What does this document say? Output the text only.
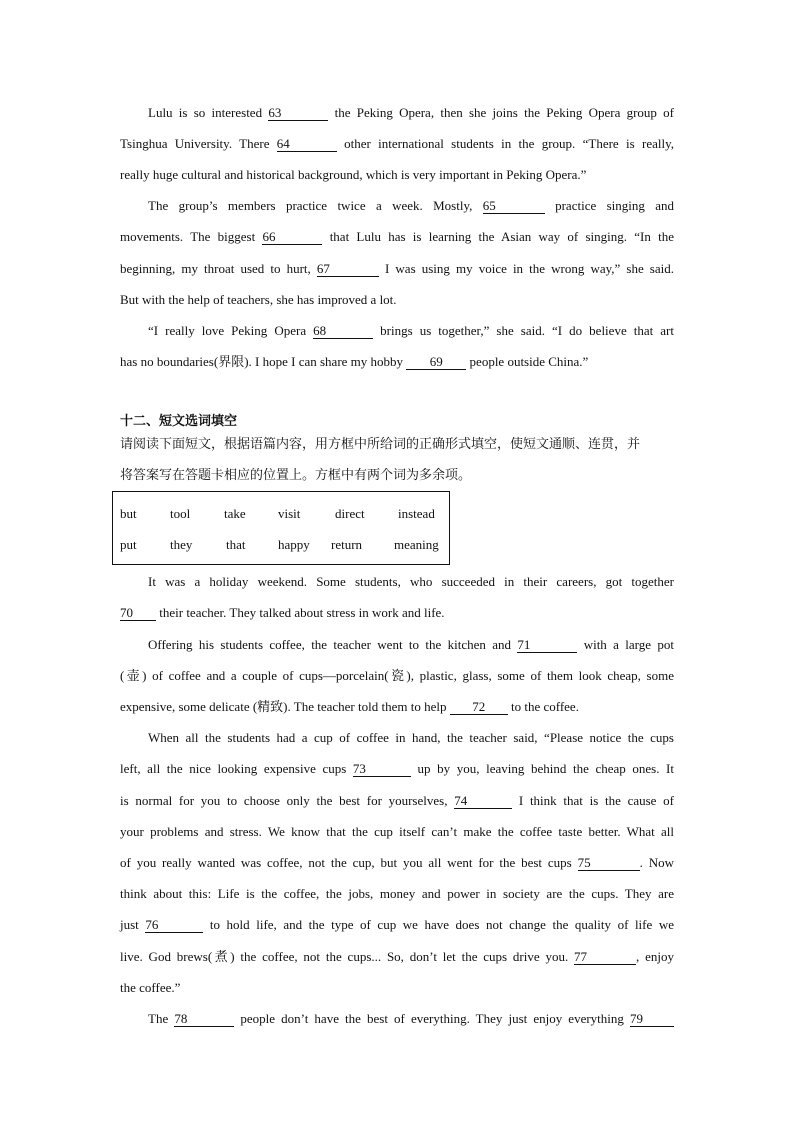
Lulu is so interested 63	the Peking Opera, then she joins the Peking Opera group of
Tsinghua University. There 64	other international students in the group. “There is really,
really huge cultural and historical background, which is very important in Peking Opera.”
The group’s members practice twice a week. Mostly, 65	practice singing and
movements. The biggest 66	that Lulu has is learning the Asian way of singing. “In the
beginning, my throat used to hurt, 67	I was using my voice in the wrong way,” she said.
But with the help of teachers, she has improved a lot.
“I really love Peking Opera 68	brings us together,” she said. “I do believe that art
has no boundaries(界限). I hope I can share my hobby 69 people outside China.”
十二、短文选词填空
请阅读下面短文，根据语篇内容，用方框中所给词的正确形式填空，使短文通顺、连贯，并
将答案写在答题卡相应的位置上。方框中有两个词为多余项。
but	tool	take visit	direct	instead
put	they	that	happy return meaning
It was a holiday weekend. Some students, who succeeded in their careers, got together
70 their teacher. They talked about stress in work and life.
Offering his students coffee, the teacher went to the kitchen and 71	with a large pot
(壶) of coffee and a couple of cups—porcelain(瓷), plastic, glass, some of them look cheap, some
expensive, some delicate (精致). The teacher told them to help 72 to the coffee.
When all the students had a cup of coffee in hand, the teacher said, “Please notice the cups
left, all the nice looking expensive cups 73	up by you, leaving behind the cheap ones. It
is normal for you to choose only the best for yourselves, 74	I think that is the cause of
your problems and stress. We know that the cup itself can’t make the coffee taste better. What all
of you really wanted was coffee, not the cup, but you all went for the best cups 75	. Now
think about this: Life is the coffee, the jobs, money and power in society are the cups. They are
just 76	to hold life, and the type of cup we have does not change the quality of life we
live. God brews(煮) the coffee, not the cups... So, don’t let the cups drive you. 77	, enjoy
the coffee.”
The 78	people don’t have the best of everything. They just enjoy everything 79
